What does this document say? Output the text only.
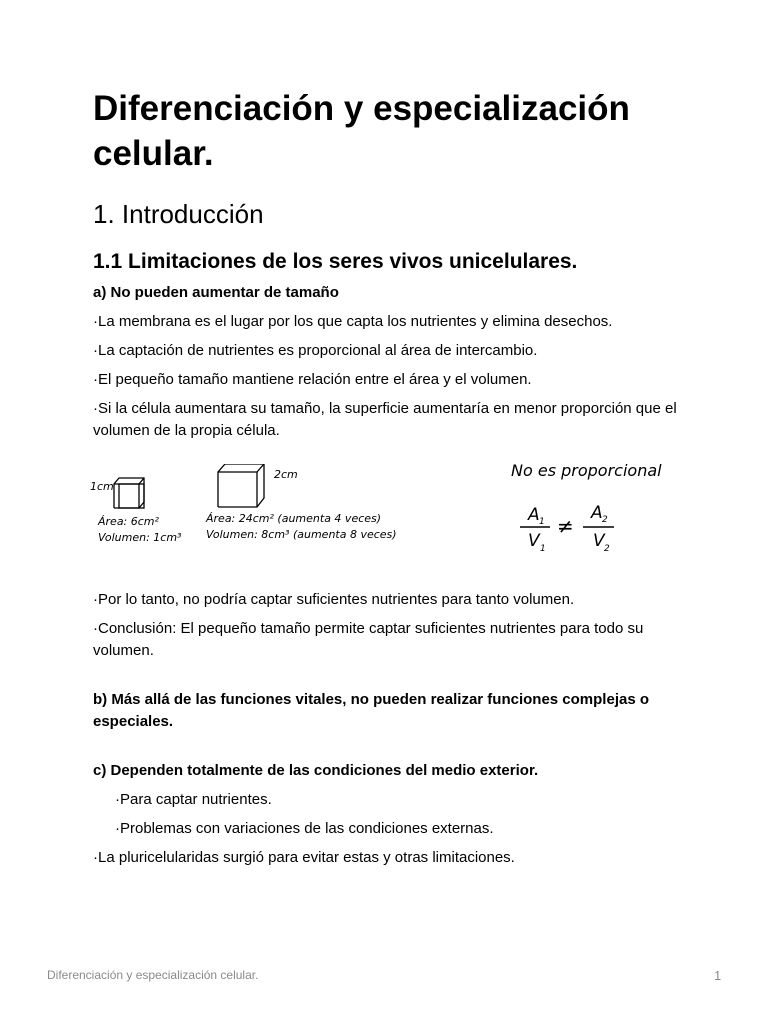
Diferenciación y especialización celular.
1. Introducción
1.1 Limitaciones de los seres vivos unicelulares.

a) No pueden aumentar de tamaño

·La membrana es el lugar por los que capta los nutrientes y elimina desechos.

·La captación de nutrientes es proporcional al área de intercambio.

·El pequeño tamaño mantiene relación entre el área y el volumen.

·Si la célula aumentara su tamaño, la superficie aumentaría en menor proporción que el volumen de la propia célula.

1cm
Área: 6cm²
Volumen: 1cm³
2cm
Área: 24cm² (aumenta 4 veces)
Volumen: 8cm³ (aumenta 8 veces)
No es proporcional
A 1
V 1
≠
A 2
V 2

·Por lo tanto, no podría captar suficientes nutrientes para tanto volumen.

·Conclusión: El pequeño tamaño permite captar suficientes nutrientes para todo su volumen.

b) Más allá de las funciones vitales, no pueden realizar funciones complejas o especiales.

c) Dependen totalmente de las condiciones del medio exterior.

·Para captar nutrientes.

·Problemas con variaciones de las condiciones externas.

·La pluricelularidas surgió para evitar estas y otras limitaciones.

Diferenciación y especialización celular.	1
